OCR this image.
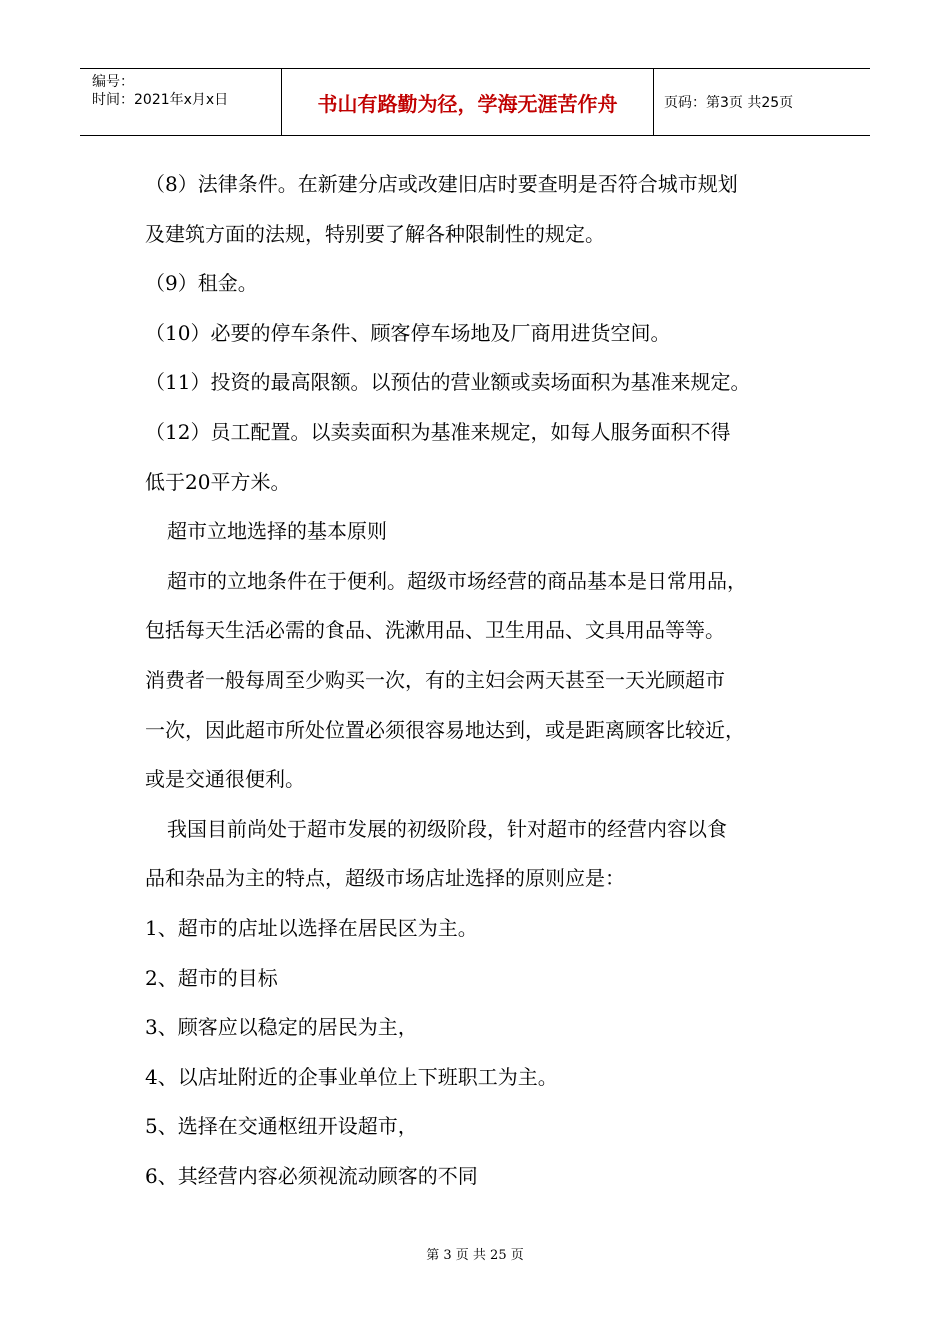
编号：
时间：2021年x月x日	书山有路勤为径，学海无涯苦作舟	页码：第3页 共25页

（8）法律条件。在新建分店或改建旧店时要查明是否符合城市规划

及建筑方面的法规，特别要了解各种限制性的规定。

（9）租金。

（10）必要的停车条件、顾客停车场地及厂商用进货空间。

（11）投资的最高限额。以预估的营业额或卖场面积为基准来规定。

（12）员工配置。以卖卖面积为基准来规定，如每人服务面积不得

低于20平方米。

超市立地选择的基本原则

超市的立地条件在于便利。超级市场经营的商品基本是日常用品，

包括每天生活必需的食品、洗漱用品、卫生用品、文具用品等等。

消费者一般每周至少购买一次，有的主妇会两天甚至一天光顾超市

一次，因此超市所处位置必须很容易地达到，或是距离顾客比较近，

或是交通很便利。

我国目前尚处于超市发展的初级阶段，针对超市的经营内容以食

品和杂品为主的特点，超级市场店址选择的原则应是：

1、超市的店址以选择在居民区为主。

2、超市的目标

3、顾客应以稳定的居民为主，

4、以店址附近的企事业单位上下班职工为主。

5、选择在交通枢纽开设超市，

6、其经营内容必须视流动顾客的不同

第 3 页 共 25 页
